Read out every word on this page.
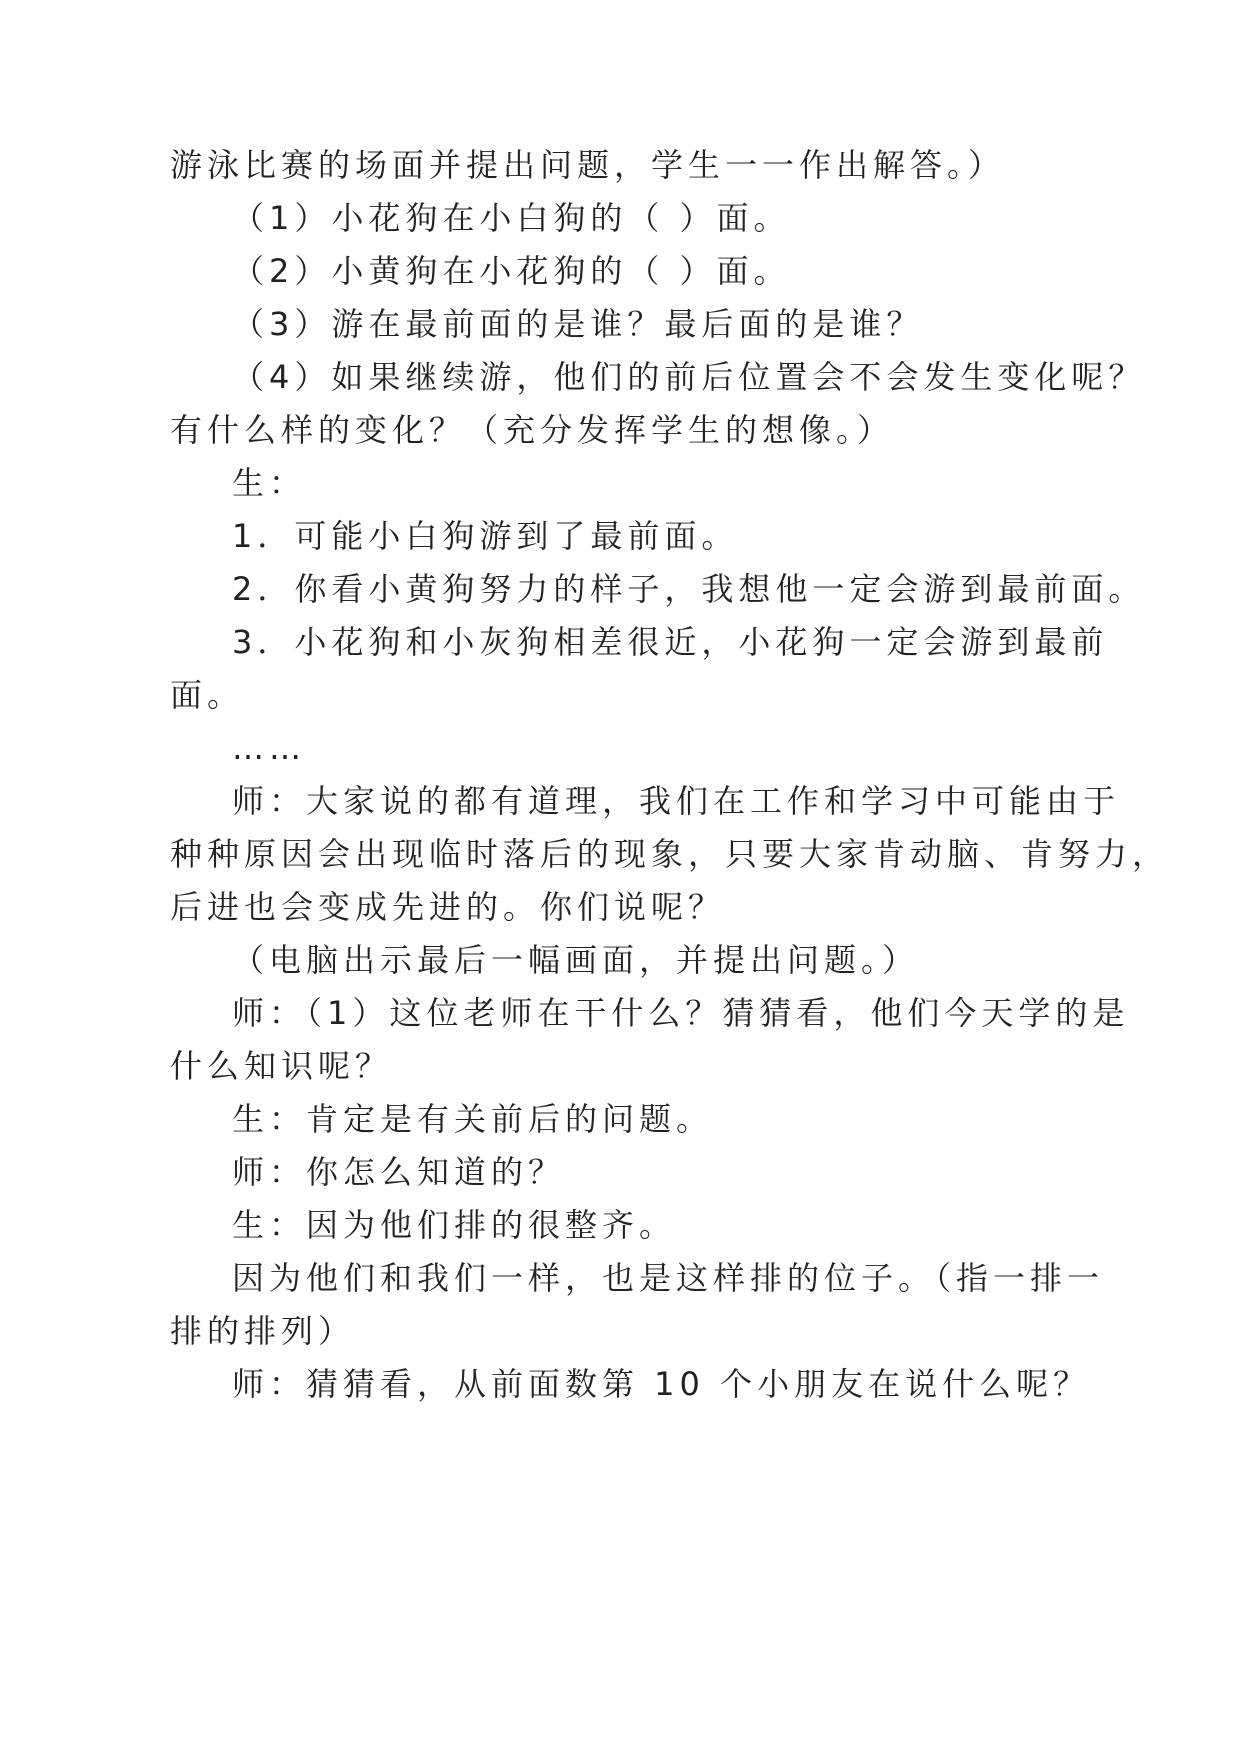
游泳比赛的场面并提出问题，学生一一作出解答。）
（1）小花狗在小白狗的（ ）面。
（2）小黄狗在小花狗的（ ）面。
（3）游在最前面的是谁？最后面的是谁？
（4）如果继续游，他们的前后位置会不会发生变化呢？
有什么样的变化？（充分发挥学生的想像。）
生：
1．可能小白狗游到了最前面。
2．你看小黄狗努力的样子，我想他一定会游到最前面。
3．小花狗和小灰狗相差很近，小花狗一定会游到最前
面。
……
师：大家说的都有道理，我们在工作和学习中可能由于
种种原因会出现临时落后的现象，只要大家肯动脑、肯努力，
后进也会变成先进的。你们说呢？
（电脑出示最后一幅画面，并提出问题。）
师：（1）这位老师在干什么？猜猜看，他们今天学的是
什么知识呢？
生：肯定是有关前后的问题。
师：你怎么知道的？
生：因为他们排的很整齐。
因为他们和我们一样，也是这样排的位子。（指一排一
排的排列）
师：猜猜看，从前面数第 10 个小朋友在说什么呢？
